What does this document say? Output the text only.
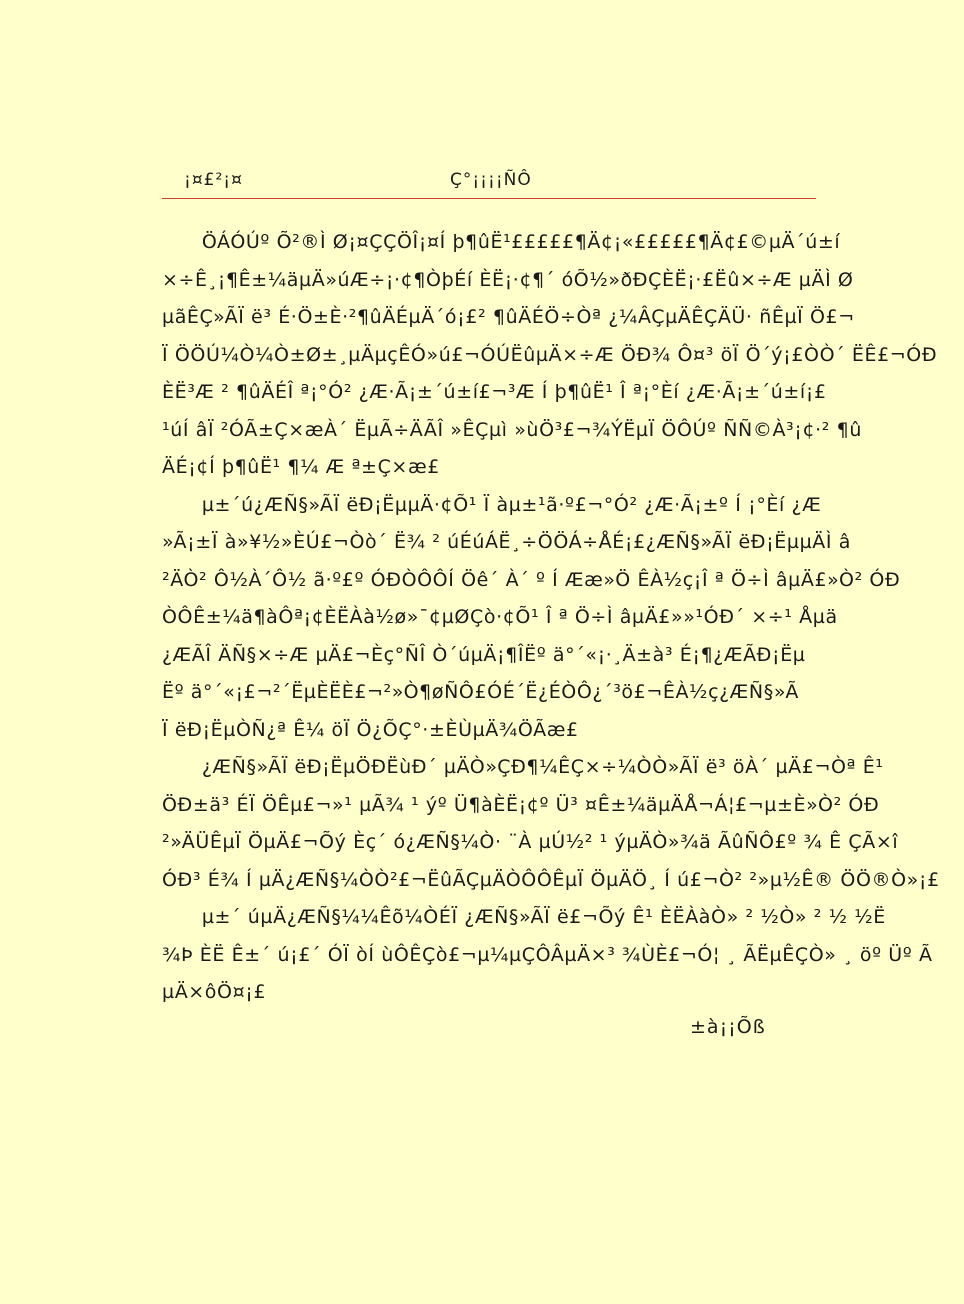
¡¤£²¡¤	Ç°¡¡¡¡ÑÔ
ÖÁÓÚº Õ²®Ì Ø¡¤ÇÇÖÎ¡¤Í þ¶ûË¹£££££¶Ä¢¡«£££££¶Ä¢£©µÄ´ú±í
×÷Ê¸¡¶Ê±¼äµÄ»úÆ÷¡·¢¶ÒþÉí ÈË¡·¢¶´ óÕ½»ðÐÇÈË¡·£Ëû×÷Æ µÄÌ Ø
µãÊÇ»ÃÏ ë³ É·Ö±È·²¶ûÄÉµÄ´ó¡£² ¶ûÄÉÖ÷Òª ¿¼ÂÇµÄÊÇÄÜ· ñÊµÏ Ö£¬
Ï ÖÖÚ¼Ò¼Ò±Ø±¸µÄµçÊÓ»ú£¬ÓÚËûµÄ×÷Æ ÖÐ¾ Ô¤³ öÏ Ö´ý¡£ÒÒ´ ËÊ£¬ÓÐ
ÈË³Æ ² ¶ûÄÉÎ ª¡°Ó² ¿Æ·Ã¡±´ú±í£¬³Æ Í þ¶ûË¹ Î ª¡°Èí ¿Æ·Ã¡±´ú±í¡£
¹úÍ âÏ ²ÓÃ±Ç×æÀ´ ËµÃ÷ÄÃÎ »ÊÇµì »ùÖ³£¬¾ÝËµÏ ÖÔÚº ÑÑ©À³¡¢·² ¶û
ÄÉ¡¢Í þ¶ûË¹ ¶¼ Æ ª±Ç×æ£
µ±´ú¿ÆÑ§»ÃÏ ëÐ¡ËµµÄ·¢Õ¹ Ï àµ±¹ã·º£¬°Ó² ¿Æ·Ã¡±º Í ¡°Èí ¿Æ
»Ã¡±Ï à»¥½»ÈÚ£¬Òò´ Ë¾ ² úÉúÁË¸÷ÖÖÁ÷ÅÉ¡£¿ÆÑ§»ÃÏ ëÐ¡ËµµÄÌ â
²ÄÒ² Ô½À´Ô½ ã·º£º ÓÐÒÔÔÍ Öê´ À´ º Í Ææ»Ö ÊÀ½ç¡Î ª Ö÷Ì âµÄ£»Ò² ÓÐ
ÒÔÊ±¼ä¶àÔª¡¢ÈËÀà½ø»¯¢µØÇò·¢Õ¹ Î ª Ö÷Ì âµÄ£»»¹ÓÐ´ ×÷¹ Åµä
¿ÆÃÎ ÄÑ§×÷Æ µÄ£¬Èç°ÑÎ Ò´úµÄ¡¶ÎËº ä°´«¡·¸Ä±à³ É¡¶¿ÆÃÐ¡Ëµ
Ëº ä°´«¡£¬²´ËµÈËÈ£¬²»Ò¶øÑÔ£ÓÉ´Ë¿ÉÒÔ¿´³ö£¬ÊÀ½ç¿ÆÑ§»Ã
Ï ëÐ¡ËµÒÑ¿ª Ê¼ öÏ Ö¿ÕÇ°·±ÈÙµÄ¾ÖÃæ£
¿ÆÑ§»ÃÏ ëÐ¡ËµÖÐËùÐ´ µÄÒ»ÇÐ¶¼ÊÇ×÷¼ÒÒ»ÃÏ ë³ öÀ´ µÄ£¬Òª Ê¹
ÖÐ±ä³ ÉÏ ÖÊµ£¬»¹ µÃ¾ ¹ ýº Ü¶àÈË¡¢º Ü³ ¤Ê±¼äµÄÅ¬Á¦£¬µ±È»Ò² ÓÐ
²»ÄÜÊµÏ ÖµÄ£¬Õý Èç´ ó¿ÆÑ§¼Ò· ¨À µÚ½² ¹ ýµÄÒ»¾ä ÃûÑÔ£º ¾ Ê ÇÃ×î
ÓÐ³ É¾ Í µÄ¿ÆÑ§¼ÒÒ²£¬ËûÃÇµÄÒÔÔÊµÏ ÖµÄÖ¸ Í ú£¬Ò² ²»µ½Ê® ÖÖ®Ò»¡£
µ±´ úµÄ¿ÆÑ§¼¼Êõ¼ÒÉÏ ¿ÆÑ§»ÃÏ ë£¬Õý Ê¹ ÈËÀàÒ» ² ½Ò» ² ½ ½Ë
¾Þ ÈË Ê±´ ú¡£´ ÓÏ òÍ ùÔÊÇò£¬µ¼µÇÔÂµÄ×³ ¾ÙÈ£¬Ó¦ ¸ ÃËµÊÇÒ» ¸ öº Üº Ã
µÄ×ôÖ¤¡£
±à¡¡Õß
